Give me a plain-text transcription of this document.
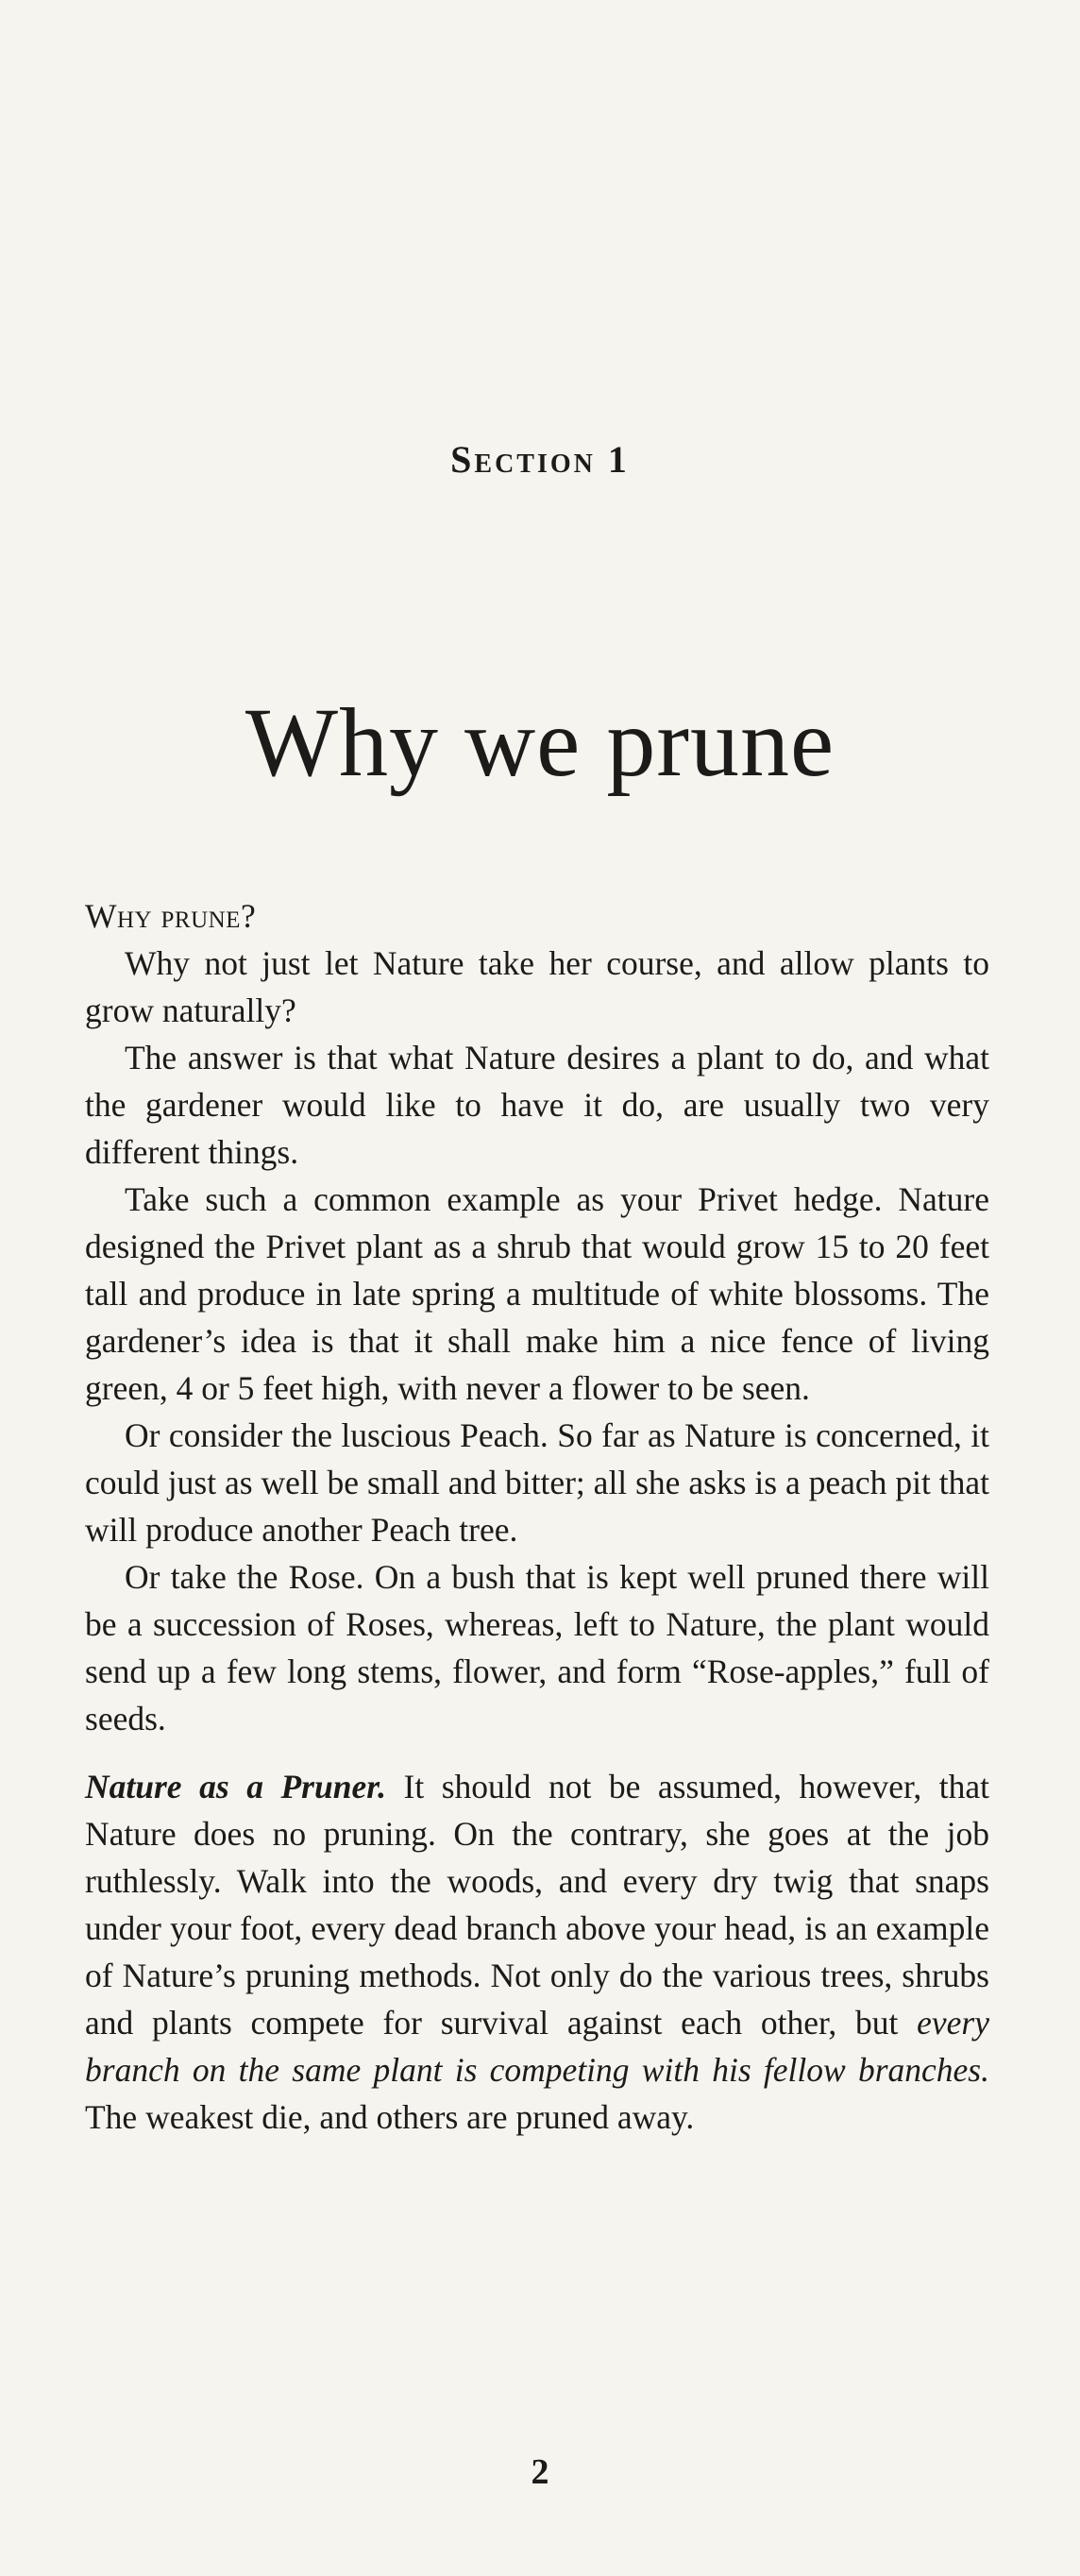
Section 1
Why we prune

Why prune?

Why not just let Nature take her course, and allow plants to grow naturally?

The answer is that what Nature desires a plant to do, and what the gardener would like to have it do, are usually two very different things.

Take such a common example as your Privet hedge. Nature designed the Privet plant as a shrub that would grow 15 to 20 feet tall and produce in late spring a multitude of white blossoms. The gardener’s idea is that it shall make him a nice fence of living green, 4 or 5 feet high, with never a flower to be seen.

Or consider the luscious Peach. So far as Nature is concerned, it could just as well be small and bitter; all she asks is a peach pit that will produce another Peach tree.

Or take the Rose. On a bush that is kept well pruned there will be a succession of Roses, whereas, left to Nature, the plant would send up a few long stems, flower, and form “Rose-apples,” full of seeds.

Nature as a Pruner. It should not be assumed, however, that Nature does no pruning. On the contrary, she goes at the job ruthlessly. Walk into the woods, and every dry twig that snaps under your foot, every dead branch above your head, is an example of Nature’s pruning methods. Not only do the various trees, shrubs and plants compete for survival against each other, but every branch on the same plant is competing with his fellow branches. The weakest die, and others are pruned away.

2
